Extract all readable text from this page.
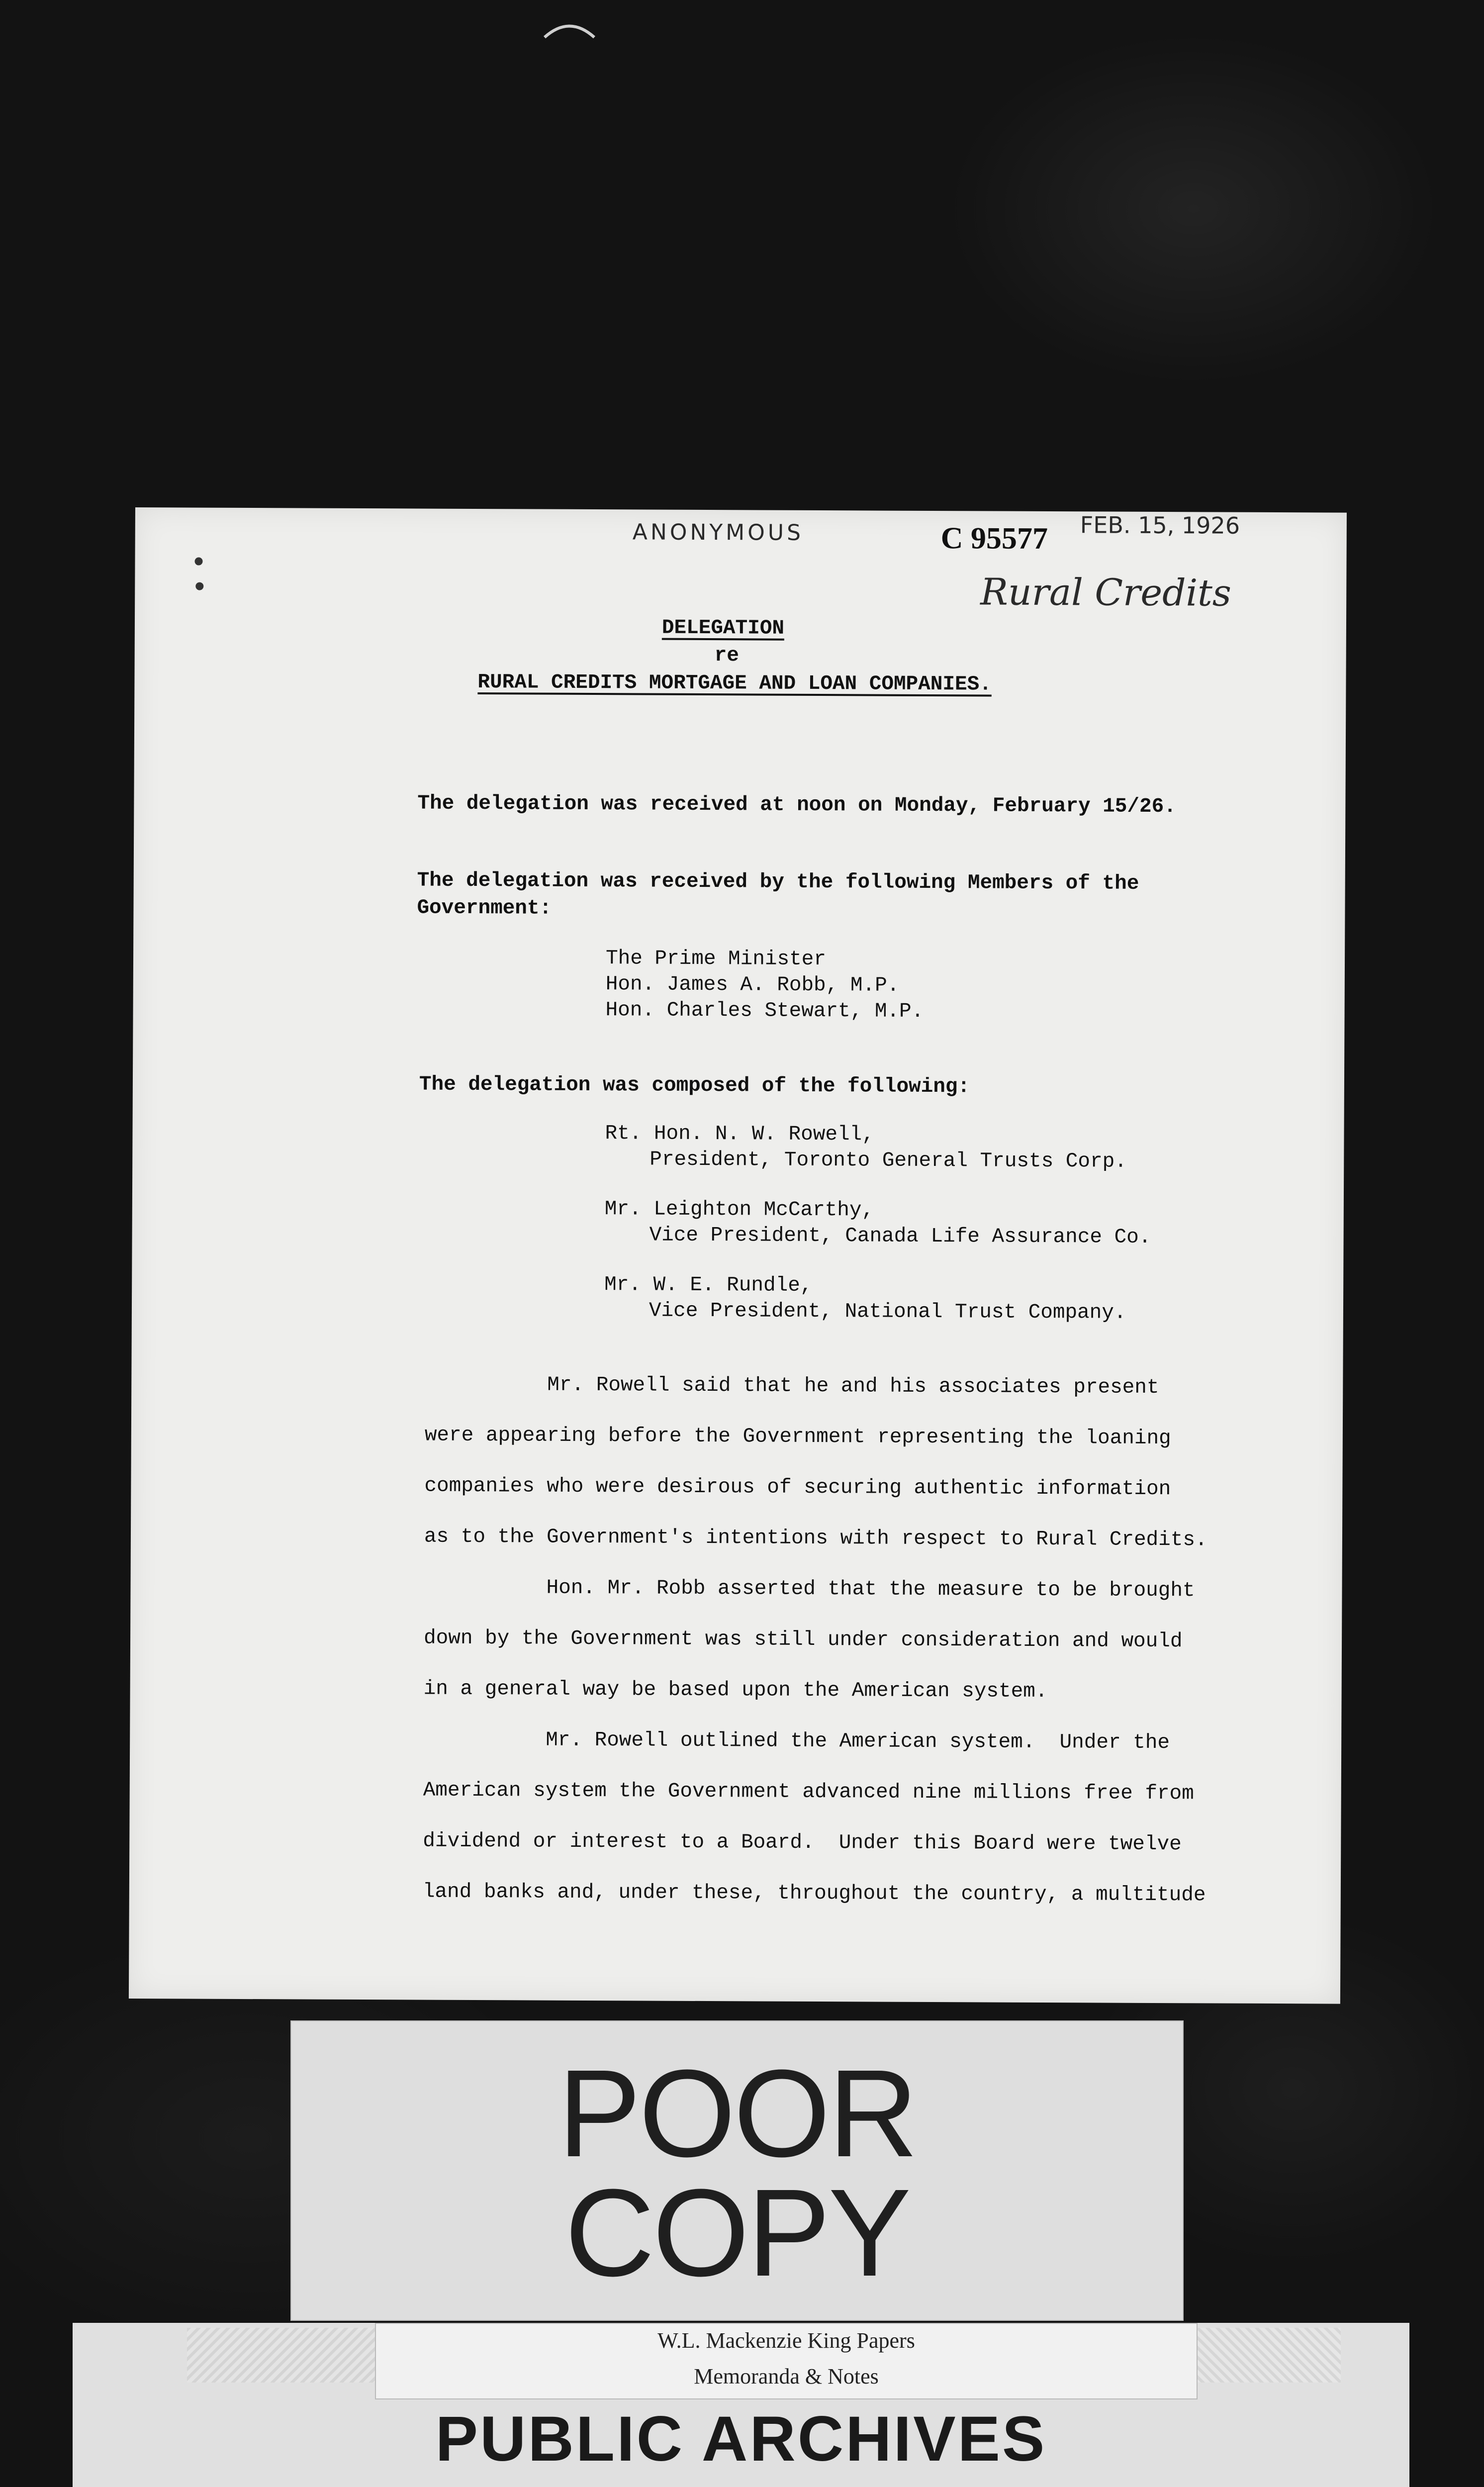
ANONYMOUS	C 95577 FEB. 15, 1926
Rural Credits
DELEGATION
re
RURAL CREDITS MORTGAGE AND LOAN COMPANIES.
The delegation was received at noon on Monday, February 15/26.
The delegation was received by the following Members of the
Government:
The Prime Minister
Hon. James A. Robb, M.P.
Hon. Charles Stewart, M.P.
The delegation was composed of the following:
Rt. Hon. N. W. Rowell,
President, Toronto General Trusts Corp.
Mr. Leighton McCarthy,
Vice President, Canada Life Assurance Co.
Mr. W. E. Rundle,
Vice President, National Trust Company.
Mr. Rowell said that he and his associates present
were appearing before the Government representing the loaning
companies who were desirous of securing authentic information
as to the Government's intentions with respect to Rural Credits.
Hon. Mr. Robb asserted that the measure to be brought
down by the Government was still under consideration and would
in a general way be based upon the American system.
Mr. Rowell outlined the American system.  Under the
American system the Government advanced nine millions free from
dividend or interest to a Board.  Under this Board were twelve
land banks and, under these, throughout the country, a multitude
POOR
COPY
W.L. Mackenzie King Papers
Memoranda & Notes
PUBLIC ARCHIVES
